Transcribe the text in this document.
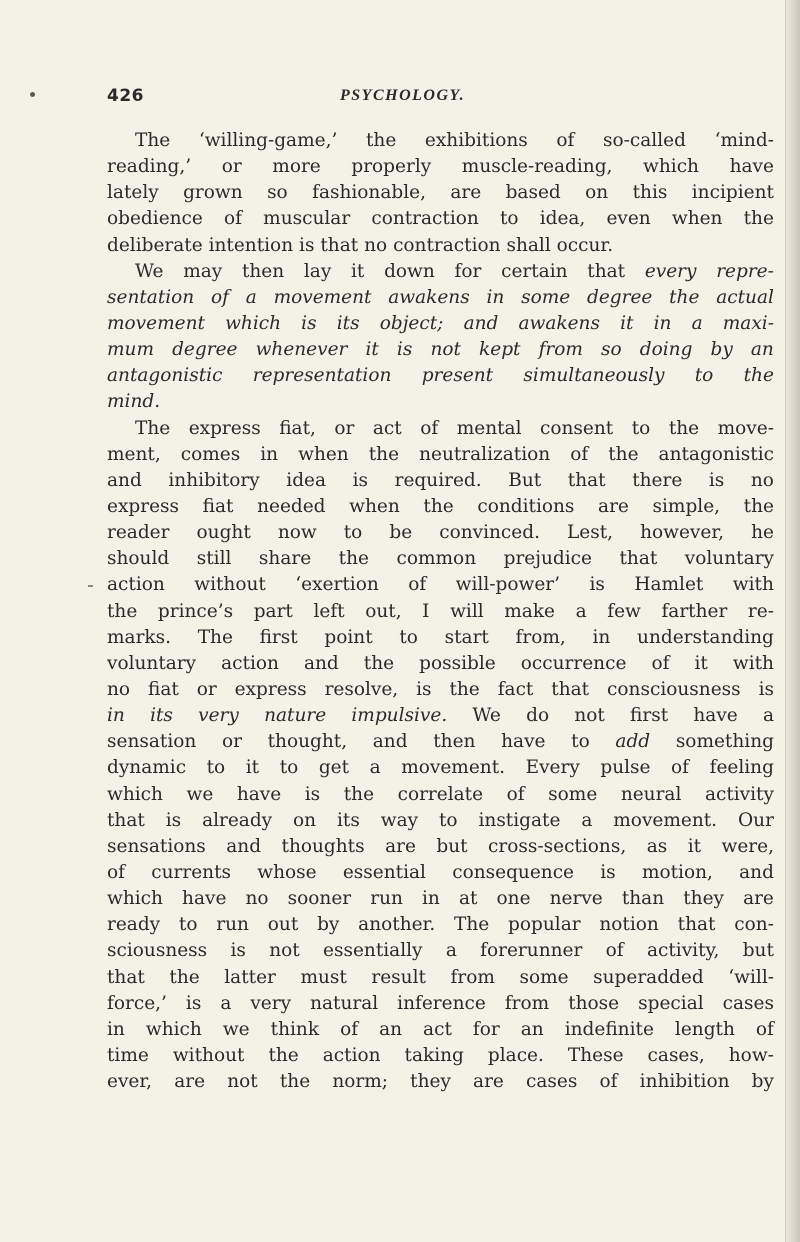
426	PSYCHOLOGY.
The ‘willing-game,’ the exhibitions of so-called ‘mind-
reading,’ or more properly muscle-reading, which have
lately grown so fashionable, are based on this incipient
obedience of muscular contraction to idea, even when the
deliberate intention is that no contraction shall occur.
We may then lay it down for certain that every repre-
sentation of a movement awakens in some degree the actual
movement which is its object; and awakens it in a maxi-
mum degree whenever it is not kept from so doing by an
antagonistic representation present simultaneously to the
mind.
The express fiat, or act of mental consent to the move-
ment, comes in when the neutralization of the antagonistic
and inhibitory idea is required. But that there is no
express fiat needed when the conditions are simple, the
reader ought now to be convinced. Lest, however, he
should still share the common prejudice that voluntary
action without ‘exertion of will-power’ is Hamlet with
the prince’s part left out, I will make a few farther re-
marks. The first point to start from, in understanding
voluntary action and the possible occurrence of it with
no fiat or express resolve, is the fact that consciousness is
in its very nature impulsive. We do not first have a
sensation or thought, and then have to add something
dynamic to it to get a movement. Every pulse of feeling
which we have is the correlate of some neural activity
that is already on its way to instigate a movement. Our
sensations and thoughts are but cross-sections, as it were,
of currents whose essential consequence is motion, and
which have no sooner run in at one nerve than they are
ready to run out by another. The popular notion that con-
sciousness is not essentially a forerunner of activity, but
that the latter must result from some superadded ‘will-
force,’ is a very natural inference from those special cases
in which we think of an act for an indefinite length of
time without the action taking place. These cases, how-
ever, are not the norm; they are cases of inhibition by
